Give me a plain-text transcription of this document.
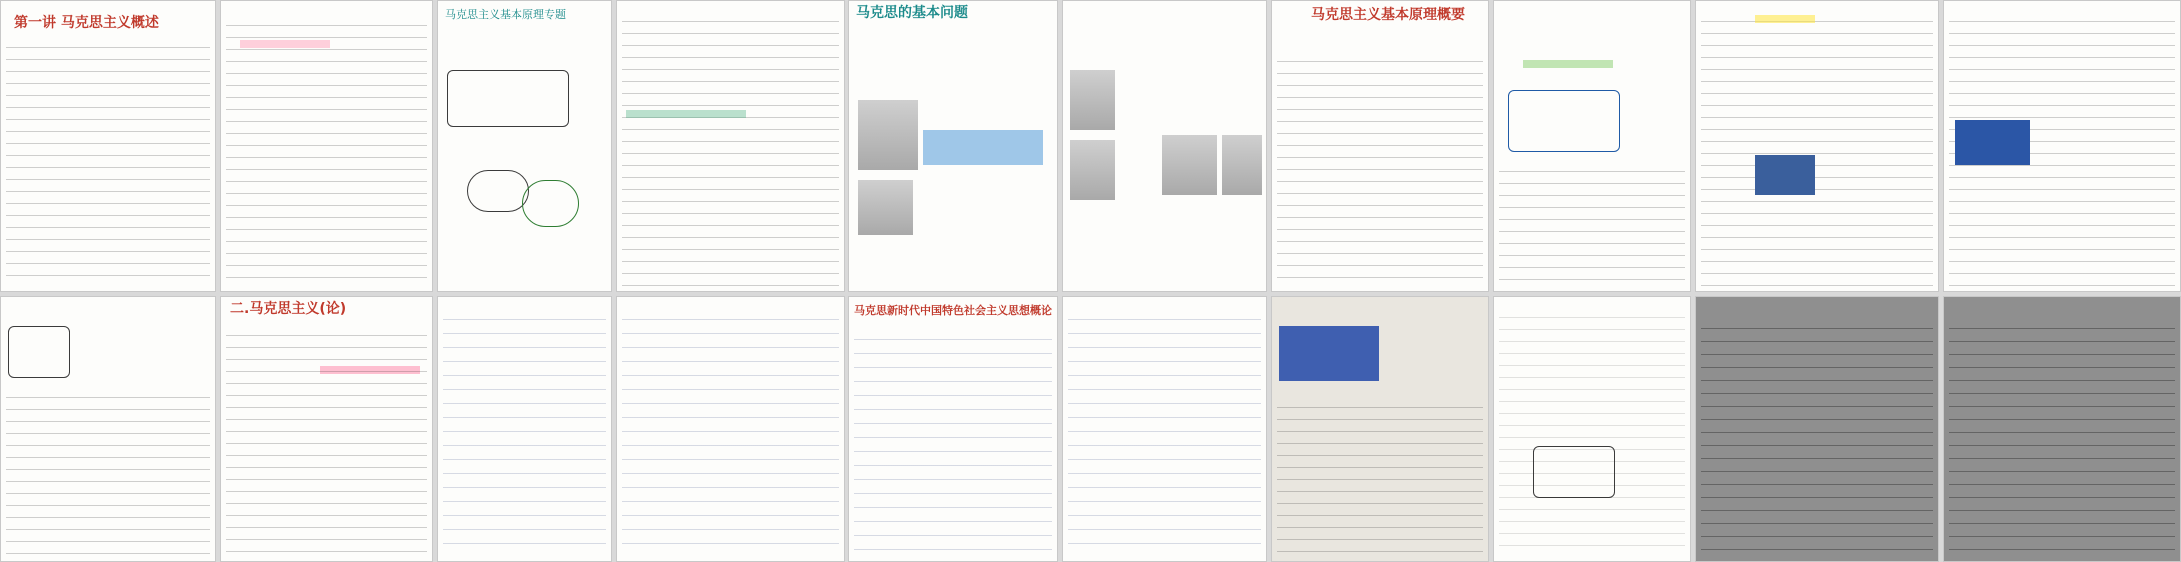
第一讲 马克思主义概述
马克思主义基本原理专题	马克思的基本问题	马克思主义基本原理概要
二.马克思主义(论)	马克思新时代中国特色社会主义思想概论
